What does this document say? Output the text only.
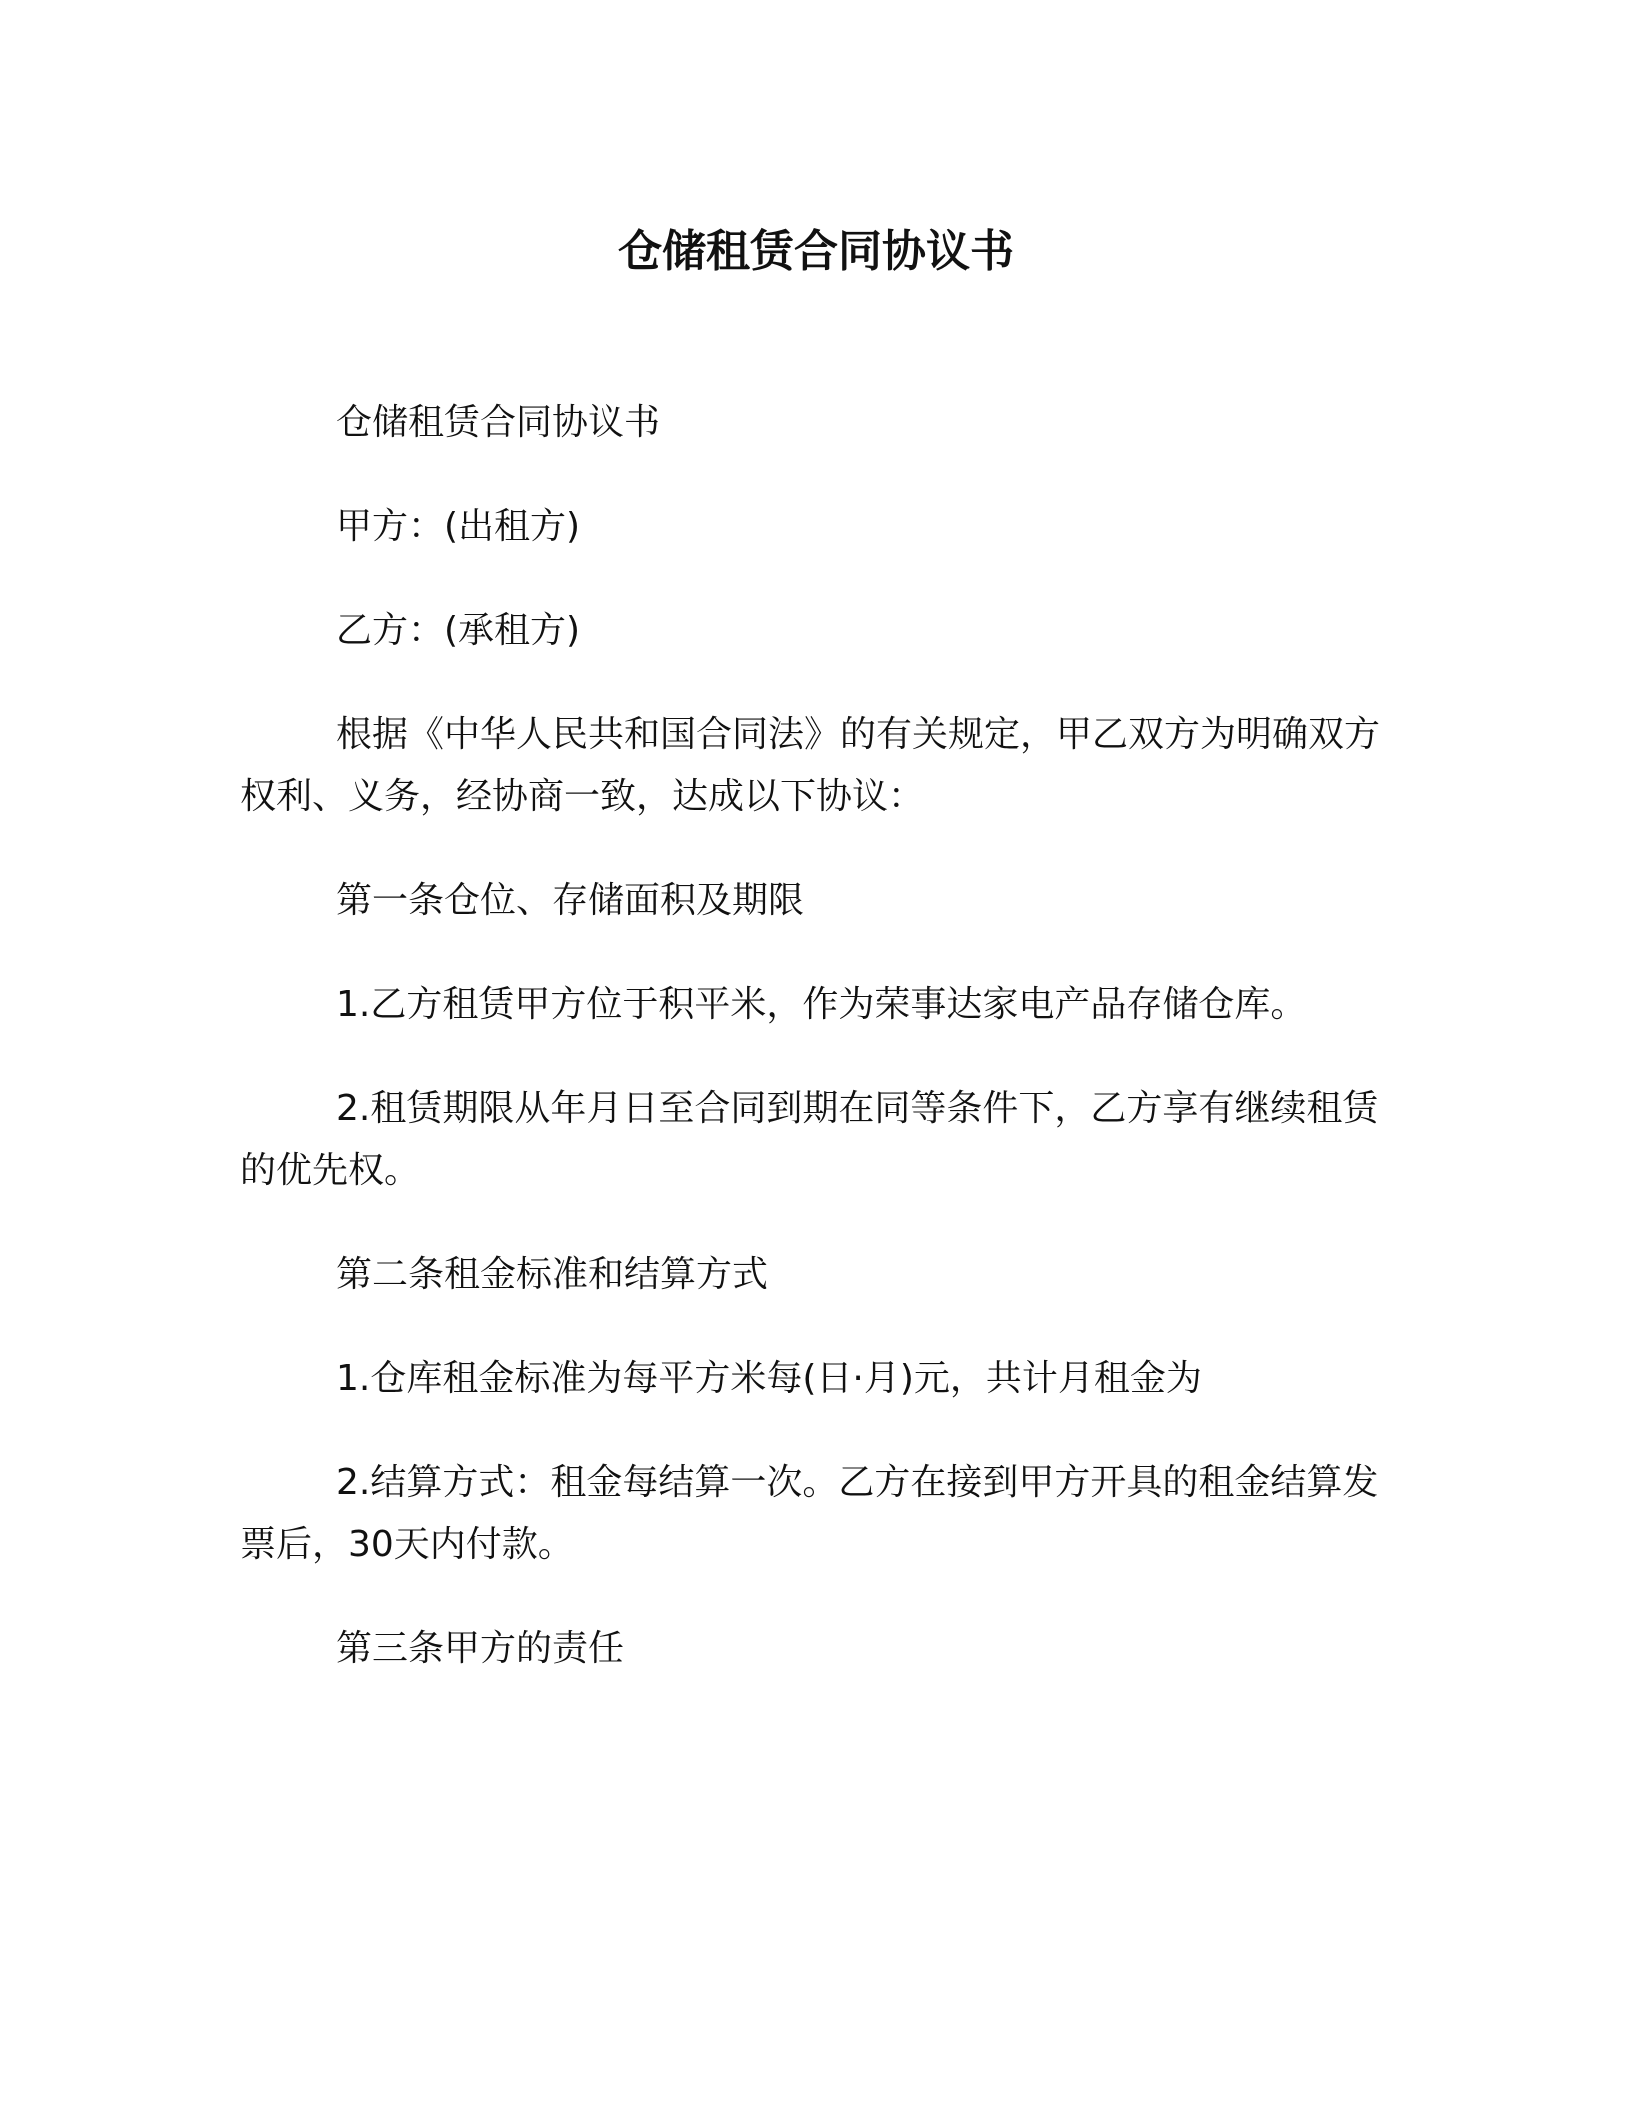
仓储租赁合同协议书

仓储租赁合同协议书

甲方：(出租方)

乙方：(承租方)

根据《中华人民共和国合同法》的有关规定，甲乙双方为明确双方权利、义务，经协商一致，达成以下协议：

第一条仓位、存储面积及期限

1.乙方租赁甲方位于积平米，作为荣事达家电产品存储仓库。

2.租赁期限从年月日至合同到期在同等条件下，乙方享有继续租赁的优先权。

第二条租金标准和结算方式

1.仓库租金标准为每平方米每(日·月)元，共计月租金为

2.结算方式：租金每结算一次。乙方在接到甲方开具的租金结算发票后，30天内付款。

第三条甲方的责任
